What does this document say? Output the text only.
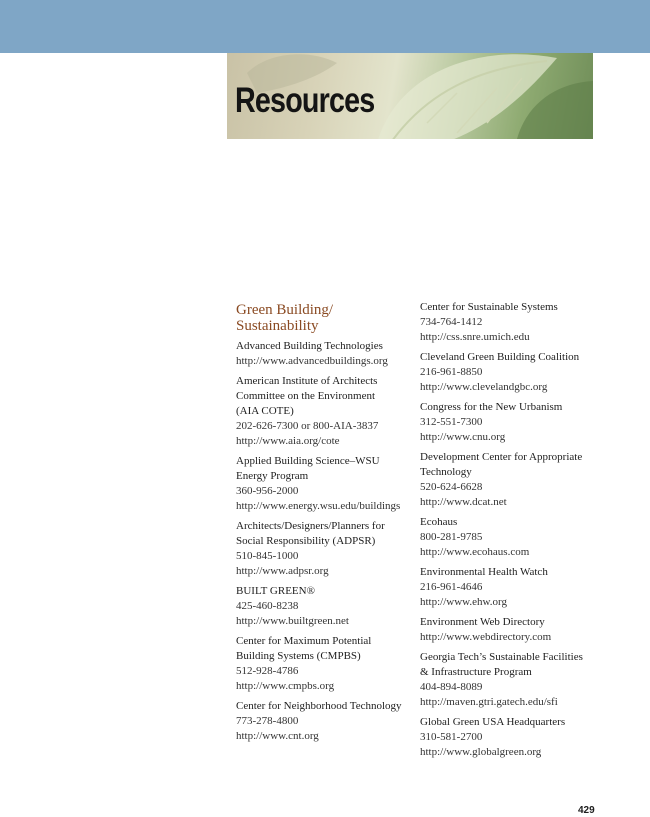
Resources
Green Building/
Sustainability
Advanced Building Technologies
http://www.advancedbuildings.org
American Institute of Architects
Committee on the Environment
(AIA COTE)
202-626-7300 or 800-AIA-3837
http://www.aia.org/cote
Applied Building Science–WSU
Energy Program
360-956-2000
http://www.energy.wsu.edu/buildings
Architects/Designers/Planners for
Social Responsibility (ADPSR)
510-845-1000
http://www.adpsr.org
BUILT GREEN®
425-460-8238
http://www.builtgreen.net
Center for Maximum Potential
Building Systems (CMPBS)
512-928-4786
http://www.cmpbs.org
Center for Neighborhood Technology
773-278-4800
http://www.cnt.org
Center for Sustainable Systems
734-764-1412
http://css.snre.umich.edu
Cleveland Green Building Coalition
216-961-8850
http://www.clevelandgbc.org
Congress for the New Urbanism
312-551-7300
http://www.cnu.org
Development Center for Appropriate
Technology
520-624-6628
http://www.dcat.net
Ecohaus
800-281-9785
http://www.ecohaus.com
Environmental Health Watch
216-961-4646
http://www.ehw.org
Environment Web Directory
http://www.webdirectory.com
Georgia Tech’s Sustainable Facilities
& Infrastructure Program
404-894-8089
http://maven.gtri.gatech.edu/sfi
Global Green USA Headquarters
310-581-2700
http://www.globalgreen.org
429
